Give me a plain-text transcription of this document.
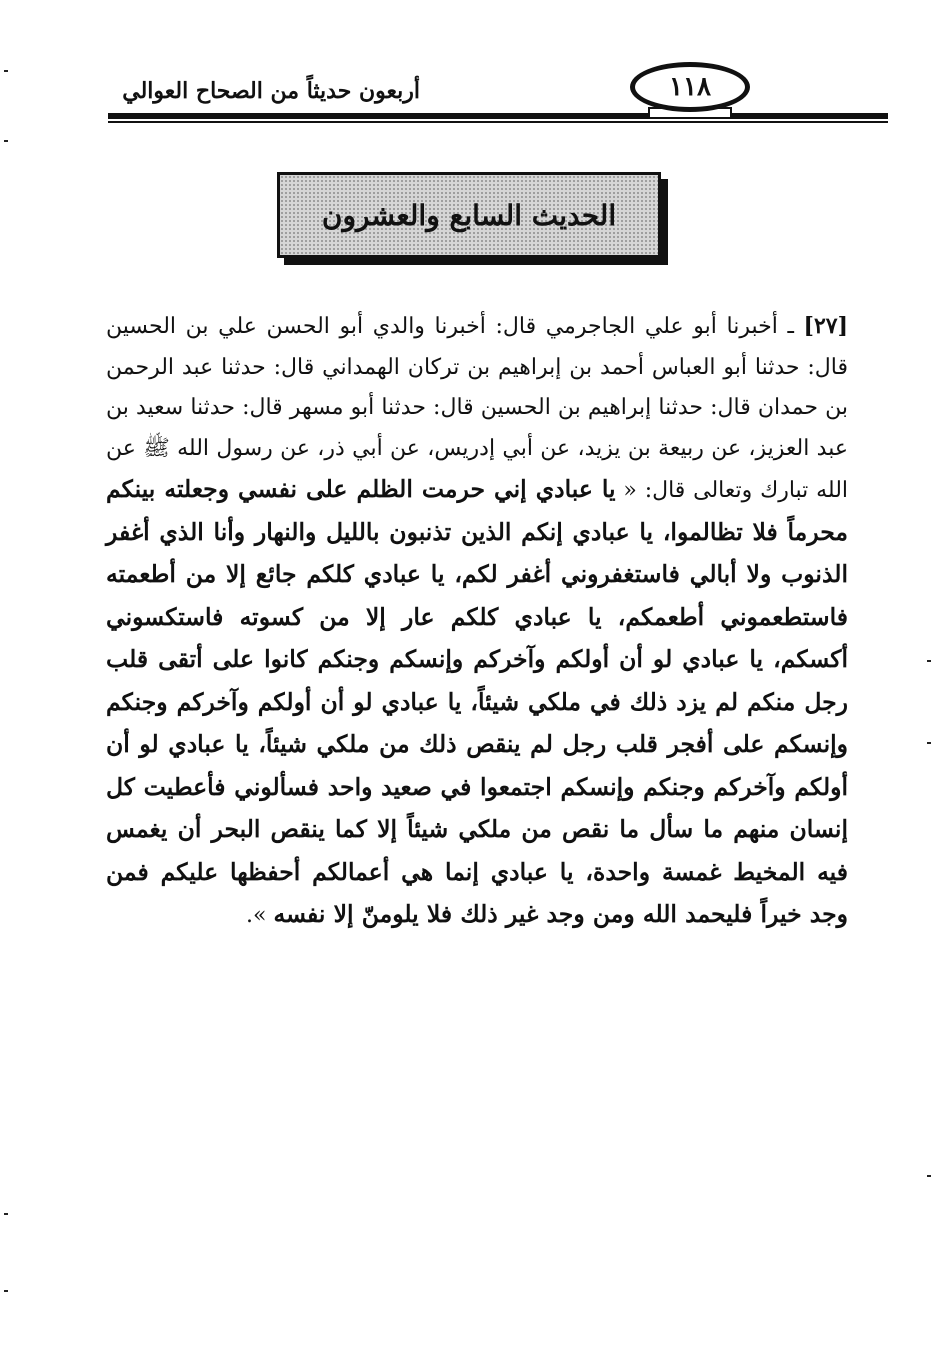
أربعون حديثاً من الصحاح العوالي	١١٨
الحديث السابع والعشرون
[٢٧] ـ أخبرنا أبو علي الجاجرمي قال: أخبرنا والدي أبو الحسن علي بن الحسين قال: حدثنا أبو العباس أحمد بن إبراهيم بن تركان الهمداني قال: حدثنا عبد الرحمن بن حمدان قال: حدثنا إبراهيم بن الحسين قال: حدثنا أبو مسهر قال: حدثنا سعيد بن عبد العزيز، عن ربيعة بن يزيد، عن أبي إدريس، عن أبي ذر، عن رسول الله ﷺ عن الله تبارك وتعالى قال: « يا عبادي إني حرمت الظلم على نفسي وجعلته بينكم محرماً فلا تظالموا، يا عبادي إنكم الذين تذنبون بالليل والنهار وأنا الذي أغفر الذنوب ولا أبالي فاستغفروني أغفر لكم، يا عبادي كلكم جائع إلا من أطعمته فاستطعموني أطعمكم، يا عبادي كلكم عار إلا من كسوته فاستكسوني أكسكم، يا عبادي لو أن أولكم وآخركم وإنسكم وجنكم كانوا على أتقى قلب رجل منكم لم يزد ذلك في ملكي شيئاً، يا عبادي لو أن أولكم وآخركم وجنكم وإنسكم على أفجر قلب رجل لم ينقص ذلك من ملكي شيئاً، يا عبادي لو أن أولكم وآخركم وجنكم وإنسكم اجتمعوا في صعيد واحد فسألوني فأعطيت كل إنسان منهم ما سأل ما نقص من ملكي شيئاً إلا كما ينقص البحر أن يغمس فيه المخيط غمسة واحدة، يا عبادي إنما هي أعمالكم أحفظها عليكم فمن وجد خيراً فليحمد الله ومن وجد غير ذلك فلا يلومنّ إلا نفسه ».
